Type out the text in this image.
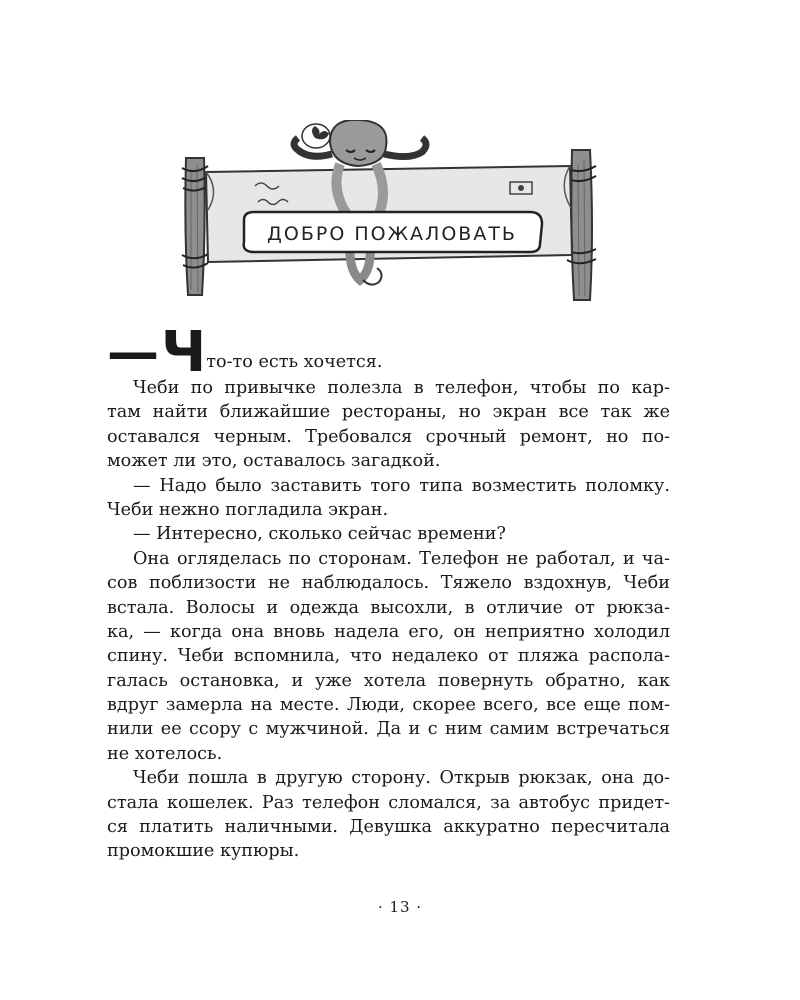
ДОБРО ПОЖАЛОВАТЬ
— Ч то-то есть хочется.
Чеби по привычке полезла в телефон, чтобы по кар-
там найти ближайшие рестораны, но экран все так же
оставался черным. Требовался срочный ремонт, но по-
может ли это, оставалось загадкой.
— Надо было заставить того типа возместить поломку.
Чеби нежно погладила экран.
— Интересно, сколько сейчас времени?
Она огляделась по сторонам. Телефон не работал, и ча-
сов поблизости не наблюдалось. Тяжело вздохнув, Чеби
встала. Волосы и одежда высохли, в отличие от рюкза-
ка, — когда она вновь надела его, он неприятно холодил
спину. Чеби вспомнила, что недалеко от пляжа распола-
галась остановка, и уже хотела повернуть обратно, как
вдруг замерла на месте. Люди, скорее всего, все еще пом-
нили ее ссору с мужчиной. Да и с ним самим встречаться
не хотелось.
Чеби пошла в другую сторону. Открыв рюкзак, она до-
стала кошелек. Раз телефон сломался, за автобус придет-
ся платить наличными. Девушка аккуратно пересчитала
промокшие купюры.
· 13 ·
